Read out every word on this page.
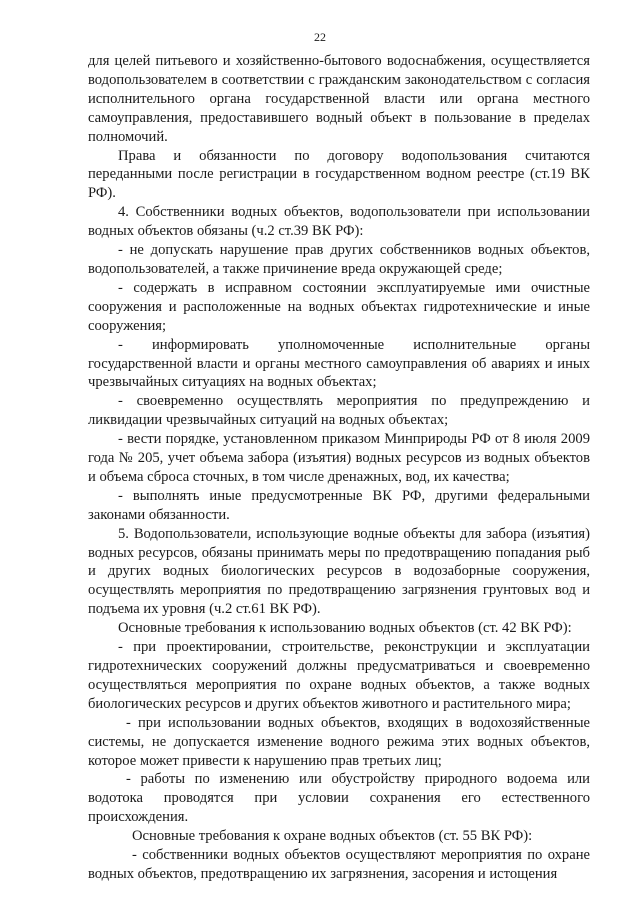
22

для целей питьевого и хозяйственно-бытового водоснабжения, осуществляется водопользователем в соответствии с гражданским законодательством с согласия исполнительного органа государственной власти или органа местного самоуправления, предоставившего водный объект в пользование в пределах полномочий.

Права и обязанности по договору водопользования считаются переданными после регистрации в государственном водном реестре (ст.19 ВК РФ).

4. Собственники водных объектов, водопользователи при использовании водных объектов обязаны (ч.2 ст.39 ВК РФ):

- не допускать нарушение прав других собственников водных объектов, водопользователей, а также причинение вреда окружающей среде;

- содержать в исправном состоянии эксплуатируемые ими очистные сооружения и расположенные на водных объектах гидротехнические и иные сооружения;

- информировать уполномоченные исполнительные органы государственной власти и органы местного самоуправления об авариях и иных чрезвычайных ситуациях на водных объектах;

- своевременно осуществлять мероприятия по предупреждению и ликвидации чрезвычайных ситуаций на водных объектах;

- вести порядке, установленном приказом Минприроды РФ от 8 июля 2009 года № 205, учет объема забора (изъятия) водных ресурсов из водных объектов и объема сброса сточных, в том числе дренажных, вод, их качества;

- выполнять иные предусмотренные ВК РФ, другими федеральными законами обязанности.

5. Водопользователи, использующие водные объекты для забора (изъятия) водных ресурсов, обязаны принимать меры по предотвращению попадания рыб и других водных биологических ресурсов в водозаборные сооружения, осуществлять мероприятия по предотвращению загрязнения грунтовых вод и подъема их уровня (ч.2 ст.61 ВК РФ).

Основные требования к использованию водных объектов (ст. 42 ВК РФ):

- при проектировании, строительстве, реконструкции и эксплуатации гидротехнических сооружений должны предусматриваться и своевременно осуществляться мероприятия по охране водных объектов, а также водных биологических ресурсов и других объектов животного и растительного мира;

- при использовании водных объектов, входящих в водохозяйственные системы, не допускается изменение водного режима этих водных объектов, которое может привести к нарушению прав третьих лиц;

- работы по изменению или обустройству природного водоема или водотока проводятся при условии сохранения его естественного происхождения.

Основные требования к охране водных объектов (ст. 55 ВК РФ):

- собственники водных объектов осуществляют мероприятия по охране водных объектов, предотвращению их загрязнения, засорения и истощения
